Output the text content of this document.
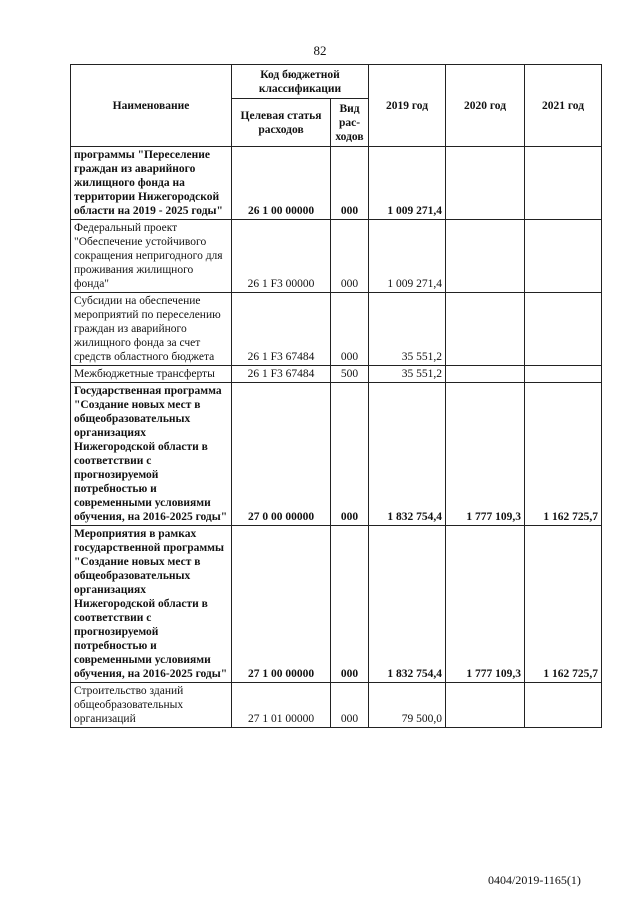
82
Наименование	Код бюджетной классификации		2019 год	2020 год	2021 год
	Целевая статья расходов	Вид рас-ходов			
программы "Переселение граждан из аварийного жилищного фонда на территории Нижегородской области на 2019 - 2025 годы"	26 1 00 00000	000	1 009 271,4		
Федеральный проект "Обеспечение устойчивого сокращения непригодного для проживания жилищного фонда"	26 1 F3 00000	000	1 009 271,4		
Субсидии на обеспечение мероприятий по переселению граждан из аварийного жилищного фонда за счет средств областного бюджета	26 1 F3 67484	000	35 551,2		
Межбюджетные трансферты	26 1 F3 67484	500	35 551,2		
Государственная программа "Создание новых мест в общеобразовательных организациях Нижегородской области в соответствии с прогнозируемой потребностью и современными условиями обучения, на 2016-2025 годы"	27 0 00 00000	000	1 832 754,4	1 777 109,3	1 162 725,7
Мероприятия в рамках государственной программы "Создание новых мест в общеобразовательных организациях Нижегородской области в соответствии с прогнозируемой потребностью и современными условиями обучения, на 2016-2025 годы"	27 1 00 00000	000	1 832 754,4	1 777 109,3	1 162 725,7
Строительство зданий общеобразовательных организаций	27 1 01 00000	000	79 500,0		
0404/2019-1165(1)
